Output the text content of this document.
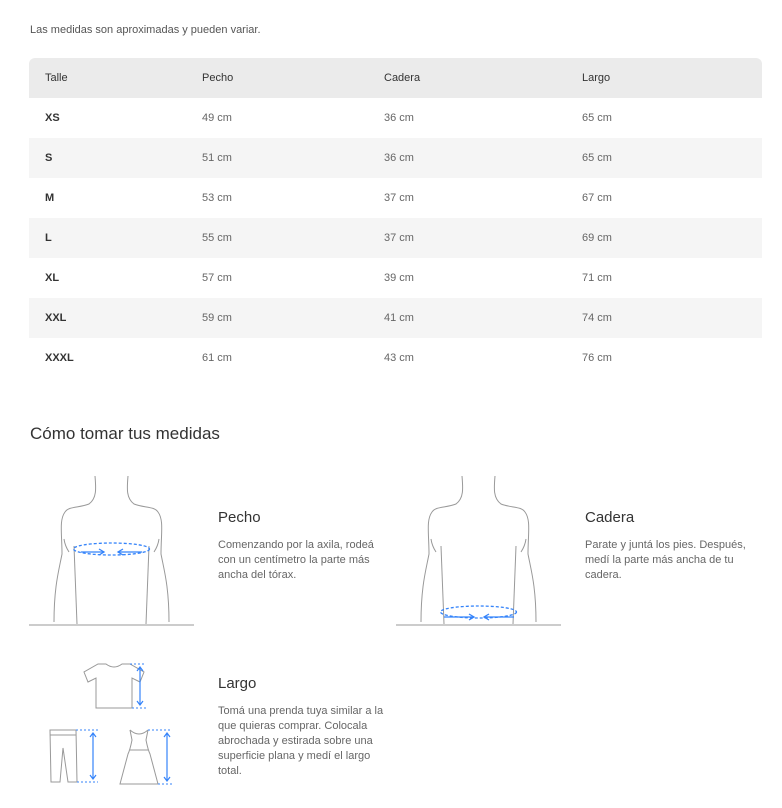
Las medidas son aproximadas y pueden variar.

Talle	Pecho	Cadera	Largo
XS	49 cm	36 cm	65 cm
S	51 cm	36 cm	65 cm
M	53 cm	37 cm	67 cm
L	55 cm	37 cm	69 cm
XL	57 cm	39 cm	71 cm
XXL	59 cm	41 cm	74 cm
XXXL	61 cm	43 cm	76 cm
Cómo tomar tus medidas
Pecho

Comenzando por la axila, rodeá con un centímetro la parte más ancha del tórax.

Cadera

Parate y juntá los pies. Después, medí la parte más ancha de tu cadera.

Largo

Tomá una prenda tuya similar a la que quieras comprar. Colocala abrochada y estirada sobre una superficie plana y medí el largo total.
